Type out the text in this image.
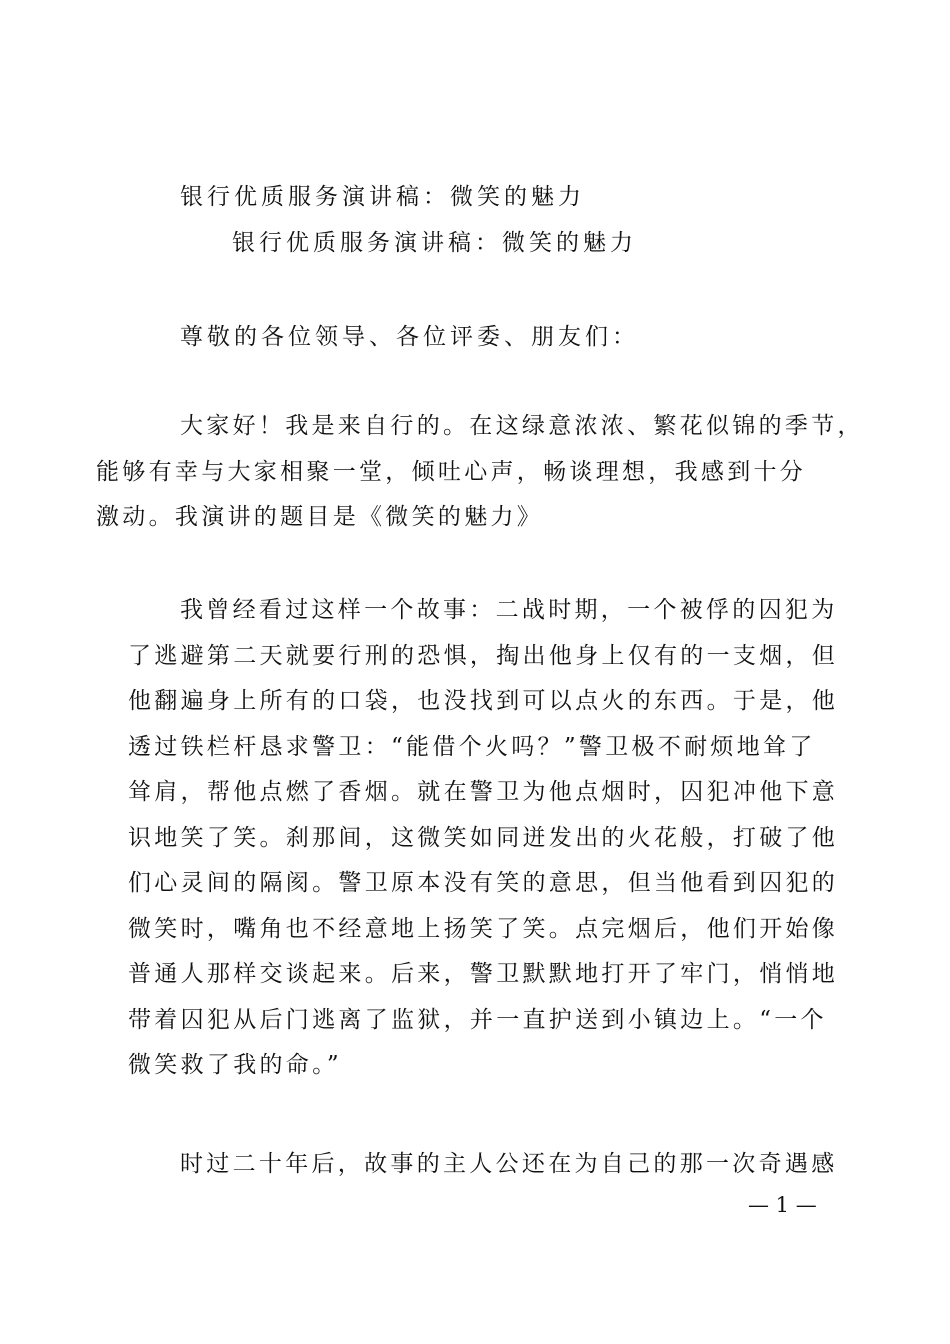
银行优质服务演讲稿：微笑的魅力
银行优质服务演讲稿：微笑的魅力
尊敬的各位领导、各位评委、朋友们：
大家好！我是来自行的。在这绿意浓浓、繁花似锦的季节，
能够有幸与大家相聚一堂，倾吐心声，畅谈理想，我感到十分
激动。我演讲的题目是《微笑的魅力》
我曾经看过这样一个故事：二战时期，一个被俘的囚犯为
了逃避第二天就要行刑的恐惧，掏出他身上仅有的一支烟，但
他翻遍身上所有的口袋，也没找到可以点火的东西。于是，他
透过铁栏杆恳求警卫：“能借个火吗？”警卫极不耐烦地耸了
耸肩，帮他点燃了香烟。就在警卫为他点烟时，囚犯冲他下意
识地笑了笑。刹那间，这微笑如同迸发出的火花般，打破了他
们心灵间的隔阂。警卫原本没有笑的意思，但当他看到囚犯的
微笑时，嘴角也不经意地上扬笑了笑。点完烟后，他们开始像
普通人那样交谈起来。后来，警卫默默地打开了牢门，悄悄地
带着囚犯从后门逃离了监狱，并一直护送到小镇边上。“一个
微笑救了我的命。”
时过二十年后，故事的主人公还在为自己的那一次奇遇感
— 1 —
